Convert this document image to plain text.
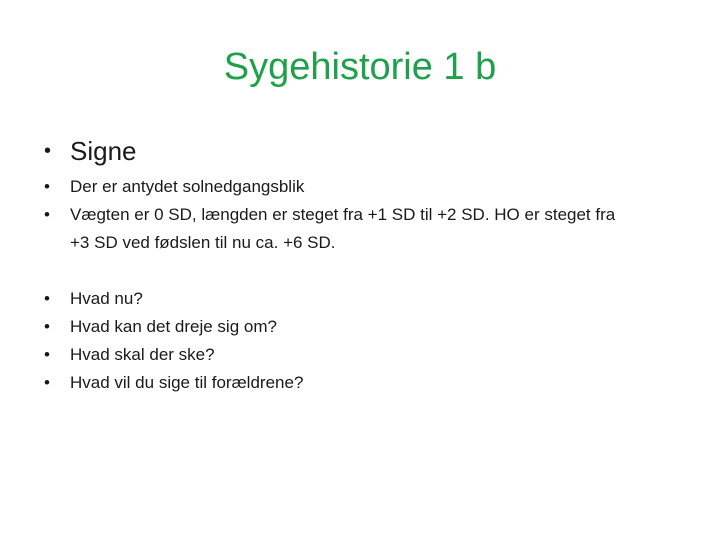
Sygehistorie 1 b
• Signe
• Der er antydet solnedgangsblik
• Vægten er 0 SD, længden er steget fra +1 SD til +2 SD. HO er steget fra +3 SD ved fødslen til nu ca. +6 SD.
• Hvad nu?
• Hvad kan det dreje sig om?
• Hvad skal der ske?
• Hvad vil du sige til forældrene?
